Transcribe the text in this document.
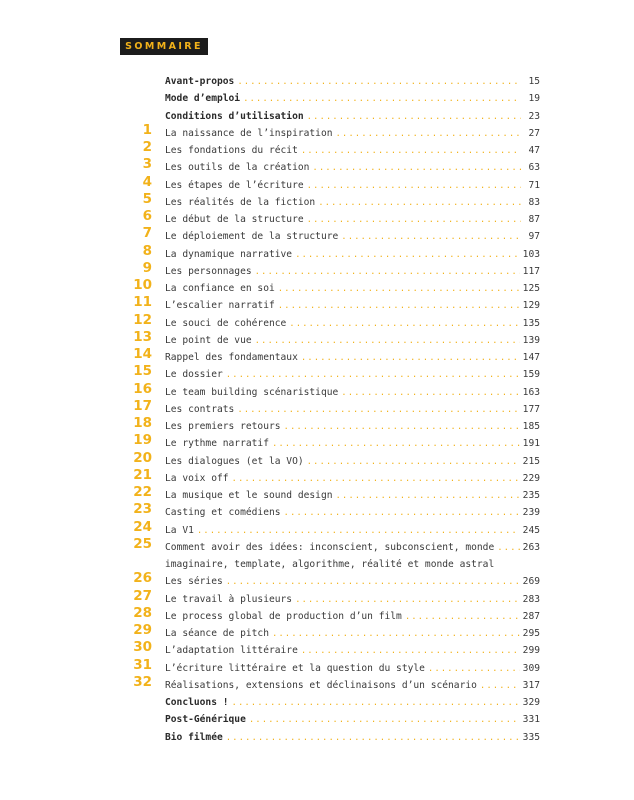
SOMMAIRE
Avant-propos .....	15
Mode d’emploi .....	19
Conditions d’utilisation .....	23
1 La naissance de l’inspiration .....	27
2 Les fondations du récit .....	47
3 Les outils de la création .....	63
4 Les étapes de l’écriture .....	71
5 Les réalités de la fiction .....	83
6 Le début de la structure .....	87
7 Le déploiement de la structure .....	97
8 La dynamique narrative .....	103
9 Les personnages .....	117
10 La confiance en soi .....	125
11 L’escalier narratif .....	129
12 Le souci de cohérence .....	135
13 Le point de vue .....	139
14 Rappel des fondamentaux .....	147
15 Le dossier .....	159
16 Le team building scénaristique .....	163
17 Les contrats .....	177
18 Les premiers retours .....	185
19 Le rythme narratif .....	191
20 Les dialogues (et la VO) .....	215
21 La voix off .....	229
22 La musique et le sound design .....	235
23 Casting et comédiens .....	239
24 La V1 .....	245
25 Comment avoir des idées: inconscient, subconscient, monde .....	263
imaginaire, template, algorithme, réalité et monde astral
26 Les séries .....	269
27 Le travail à plusieurs .....	283
28 Le process global de production d’un film .....	287
29 La séance de pitch .....	295
30 L’adaptation littéraire .....	299
31 L’écriture littéraire et la question du style .....	309
32 Réalisations, extensions et déclinaisons d’un scénario .....	317
Concluons ! .....	329
Post-Générique .....	331
Bio filmée .....	335
